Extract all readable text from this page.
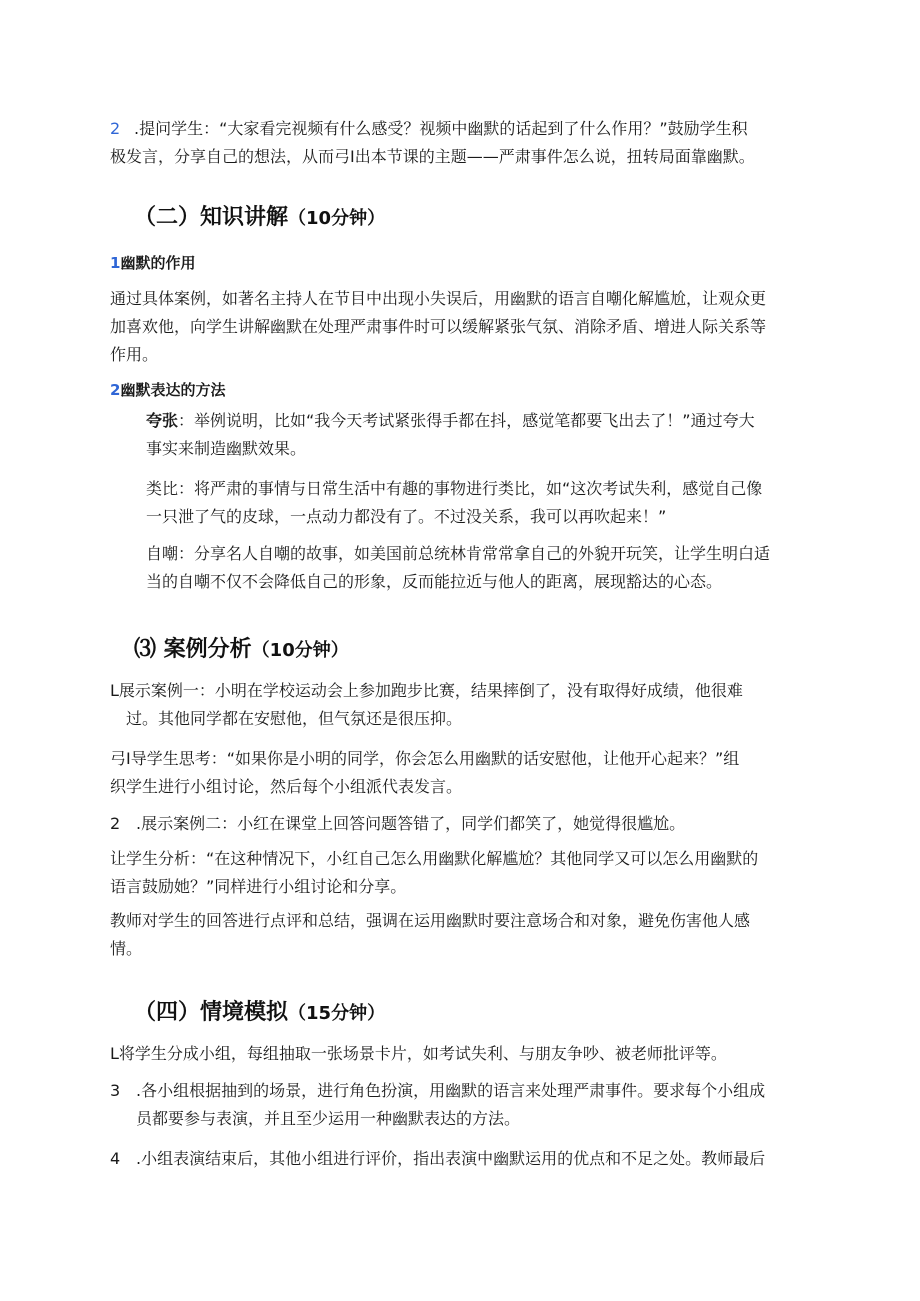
2 .提问学生：“大家看完视频有什么感受？视频中幽默的话起到了什么作用？”鼓励学生积
极发言，分享自己的想法，从而弓I出本节课的主题——严肃事件怎么说，扭转局面靠幽默。

（二）知识讲解（10分钟）
1幽默的作用

通过具体案例，如著名主持人在节目中出现小失误后，用幽默的语言自嘲化解尴尬，让观众更
加喜欢他，向学生讲解幽默在处理严肃事件时可以缓解紧张气氛、消除矛盾、增进人际关系等
作用。

2幽默表达的方法

夸张：举例说明，比如“我今天考试紧张得手都在抖，感觉笔都要飞出去了！”通过夸大
事实来制造幽默效果。

类比：将严肃的事情与日常生活中有趣的事物进行类比，如“这次考试失利，感觉自己像
一只泄了气的皮球，一点动力都没有了。不过没关系，我可以再吹起来！”

自嘲：分享名人自嘲的故事，如美国前总统林肯常常拿自己的外貌开玩笑，让学生明白适
当的自嘲不仅不会降低自己的形象，反而能拉近与他人的距离，展现豁达的心态。

⑶ 案例分析（10分钟）

L展示案例一：小明在学校运动会上参加跑步比赛，结果摔倒了，没有取得好成绩，他很难
过。其他同学都在安慰他，但气氛还是很压抑。

弓I导学生思考：“如果你是小明的同学，你会怎么用幽默的话安慰他，让他开心起来？”组
织学生进行小组讨论，然后每个小组派代表发言。

2 .展示案例二：小红在课堂上回答问题答错了，同学们都笑了，她觉得很尴尬。

让学生分析：“在这种情况下，小红自己怎么用幽默化解尴尬？其他同学又可以怎么用幽默的
语言鼓励她？”同样进行小组讨论和分享。

教师对学生的回答进行点评和总结，强调在运用幽默时要注意场合和对象，避免伤害他人感
情。

（四）情境模拟（15分钟）

L将学生分成小组，每组抽取一张场景卡片，如考试失利、与朋友争吵、被老师批评等。

3 .各小组根据抽到的场景，进行角色扮演，用幽默的语言来处理严肃事件。要求每个小组成
员都要参与表演，并且至少运用一种幽默表达的方法。

4 .小组表演结束后，其他小组进行评价，指出表演中幽默运用的优点和不足之处。教师最后
